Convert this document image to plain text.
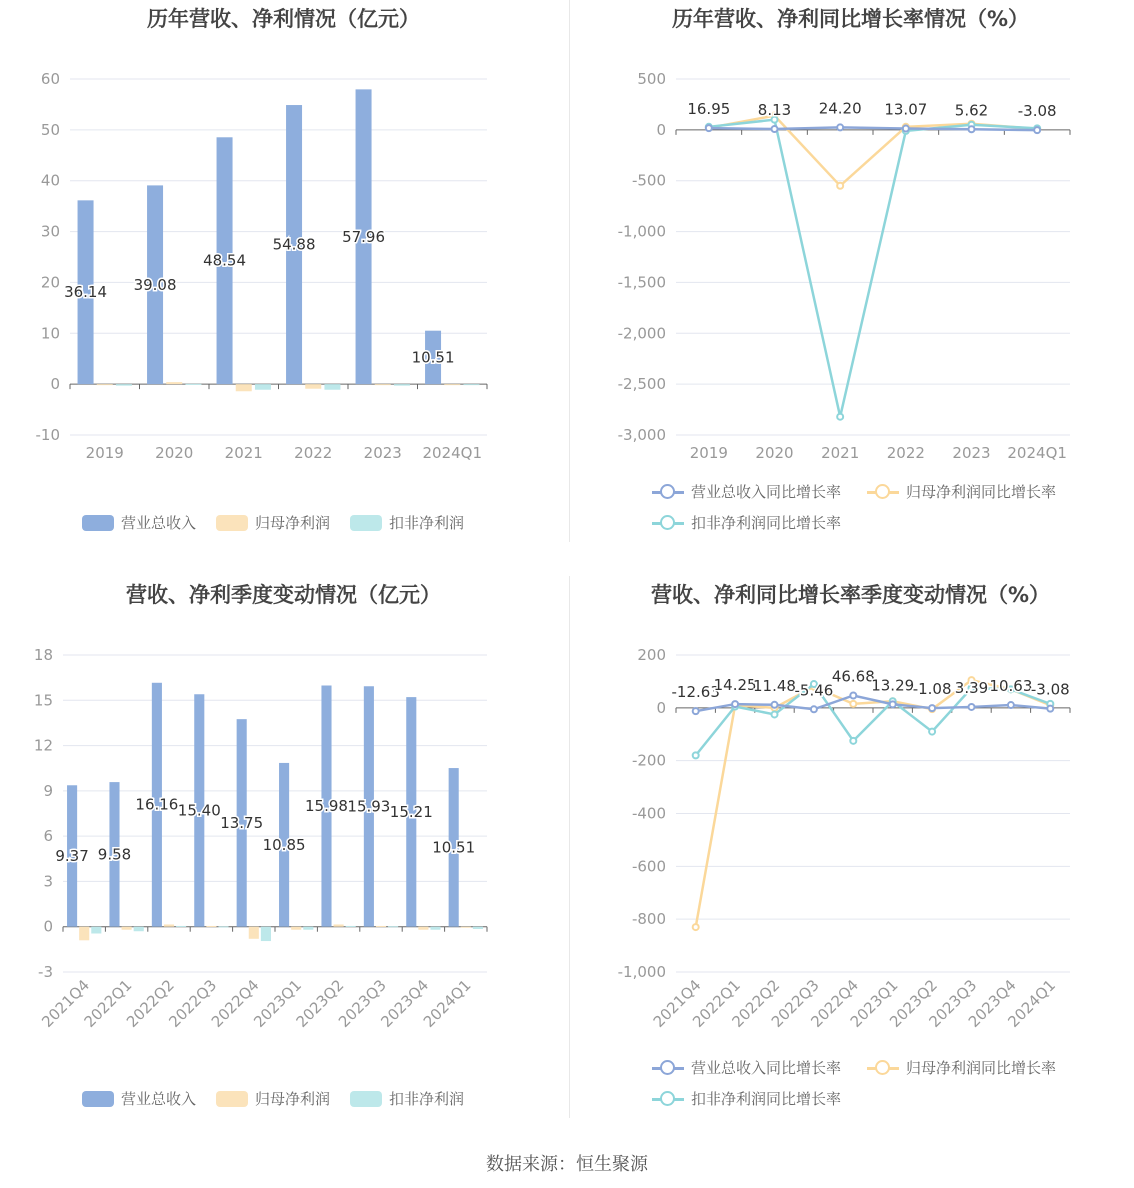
历年营收、净利情况（亿元）
60
50
40
30
20
10
0
-10
2019 2020 2021 2022 2023 2024Q1
36.14 39.08
48.54
54.88 57.96
10.51
营业总收入	归母净利润	扣非净利润
历年营收、净利同比增长率情况（%）
500
0
-500
-1,000
-1,500
-2,000
-2,500
-3,000
2019 2020 2021 2022 2023 2024Q1
16.95 8.13 24.20 13.07 5.62 -3.08
营业总收入同比增长率	归母净利润同比增长率
扣非净利润同比增长率
营收、净利季度变动情况（亿元）
18
15
12
9
6
3
0
-3
2021Q4
2022Q1
2022Q2
2022Q3
2022Q4
2023Q1
2023Q2
2023Q3
2023Q4
2024Q1
9.37 9.58
16.16 15.40
13.75
10.85
15.98 15.93 15.21
10.51
营业总收入	归母净利润	扣非净利润
营收、净利同比增长率季度变动情况（%）
200
0
-200
-400
-600
-800
-1,000
2021Q4
2022Q1
2022Q2
2022Q3
2022Q4
2023Q1
2023Q2
2023Q3
2023Q4
2024Q1
-12.63
14.25
11.48
-5.46
46.68
13.29
-1.08 3.39 10.63
-3.08
营业总收入同比增长率	归母净利润同比增长率
扣非净利润同比增长率
数据来源：恒生聚源
